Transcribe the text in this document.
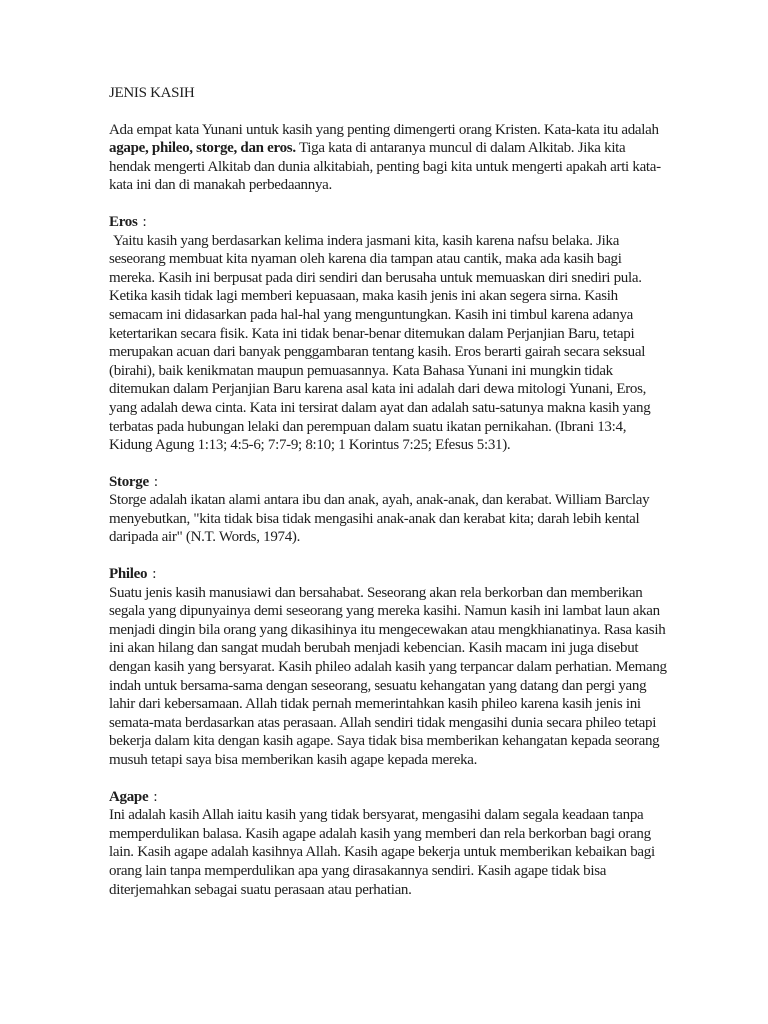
JENIS KASIH

Ada empat kata Yunani untuk kasih yang penting dimengerti orang Kristen. Kata-kata itu adalah agape, phileo, storge, dan eros. Tiga kata di antaranya muncul di dalam Alkitab. Jika kita hendak mengerti Alkitab dan dunia alkitabiah, penting bagi kita untuk mengerti apakah arti kata-kata ini dan di manakah perbedaannya.

Eros :

Yaitu kasih yang berdasarkan kelima indera jasmani kita, kasih karena nafsu belaka. Jika seseorang membuat kita nyaman oleh karena dia tampan atau cantik, maka ada kasih bagi mereka. Kasih ini berpusat pada diri sendiri dan berusaha untuk memuaskan diri snediri pula. Ketika kasih tidak lagi memberi kepuasaan, maka kasih jenis ini akan segera sirna. Kasih semacam ini didasarkan pada hal-hal yang menguntungkan. Kasih ini timbul karena adanya ketertarikan secara fisik. Kata ini tidak benar-benar ditemukan dalam Perjanjian Baru, tetapi merupakan acuan dari banyak penggambaran tentang kasih. Eros berarti gairah secara seksual (birahi), baik kenikmatan maupun pemuasannya. Kata Bahasa Yunani ini mungkin tidak ditemukan dalam Perjanjian Baru karena asal kata ini adalah dari dewa mitologi Yunani, Eros, yang adalah dewa cinta. Kata ini tersirat dalam ayat dan adalah satu-satunya makna kasih yang terbatas pada hubungan lelaki dan perempuan dalam suatu ikatan pernikahan. (Ibrani 13:4, Kidung Agung 1:13; 4:5-6; 7:7-9; 8:10; 1 Korintus 7:25; Efesus 5:31).

Storge :

Storge adalah ikatan alami antara ibu dan anak, ayah, anak-anak, dan kerabat. William Barclay menyebutkan, "kita tidak bisa tidak mengasihi anak-anak dan kerabat kita; darah lebih kental daripada air" (N.T. Words, 1974).

Phileo :

Suatu jenis kasih manusiawi dan bersahabat. Seseorang akan rela berkorban dan memberikan segala yang dipunyainya demi seseorang yang mereka kasihi. Namun kasih ini lambat laun akan menjadi dingin bila orang yang dikasihinya itu mengecewakan atau mengkhianatinya. Rasa kasih ini akan hilang dan sangat mudah berubah menjadi kebencian. Kasih macam ini juga disebut dengan kasih yang bersyarat. Kasih phileo adalah kasih yang terpancar dalam perhatian. Memang indah untuk bersama-sama dengan seseorang, sesuatu kehangatan yang datang dan pergi yang lahir dari kebersamaan. Allah tidak pernah memerintahkan kasih phileo karena kasih jenis ini semata-mata berdasarkan atas perasaan. Allah sendiri tidak mengasihi dunia secara phileo tetapi bekerja dalam kita dengan kasih agape. Saya tidak bisa memberikan kehangatan kepada seorang musuh tetapi saya bisa memberikan kasih agape kepada mereka.

Agape :

Ini adalah kasih Allah iaitu kasih yang tidak bersyarat, mengasihi dalam segala keadaan tanpa memperdulikan balasa. Kasih agape adalah kasih yang memberi dan rela berkorban bagi orang lain. Kasih agape adalah kasihnya Allah. Kasih agape bekerja untuk memberikan kebaikan bagi orang lain tanpa memperdulikan apa yang dirasakannya sendiri. Kasih agape tidak bisa diterjemahkan sebagai suatu perasaan atau perhatian.
